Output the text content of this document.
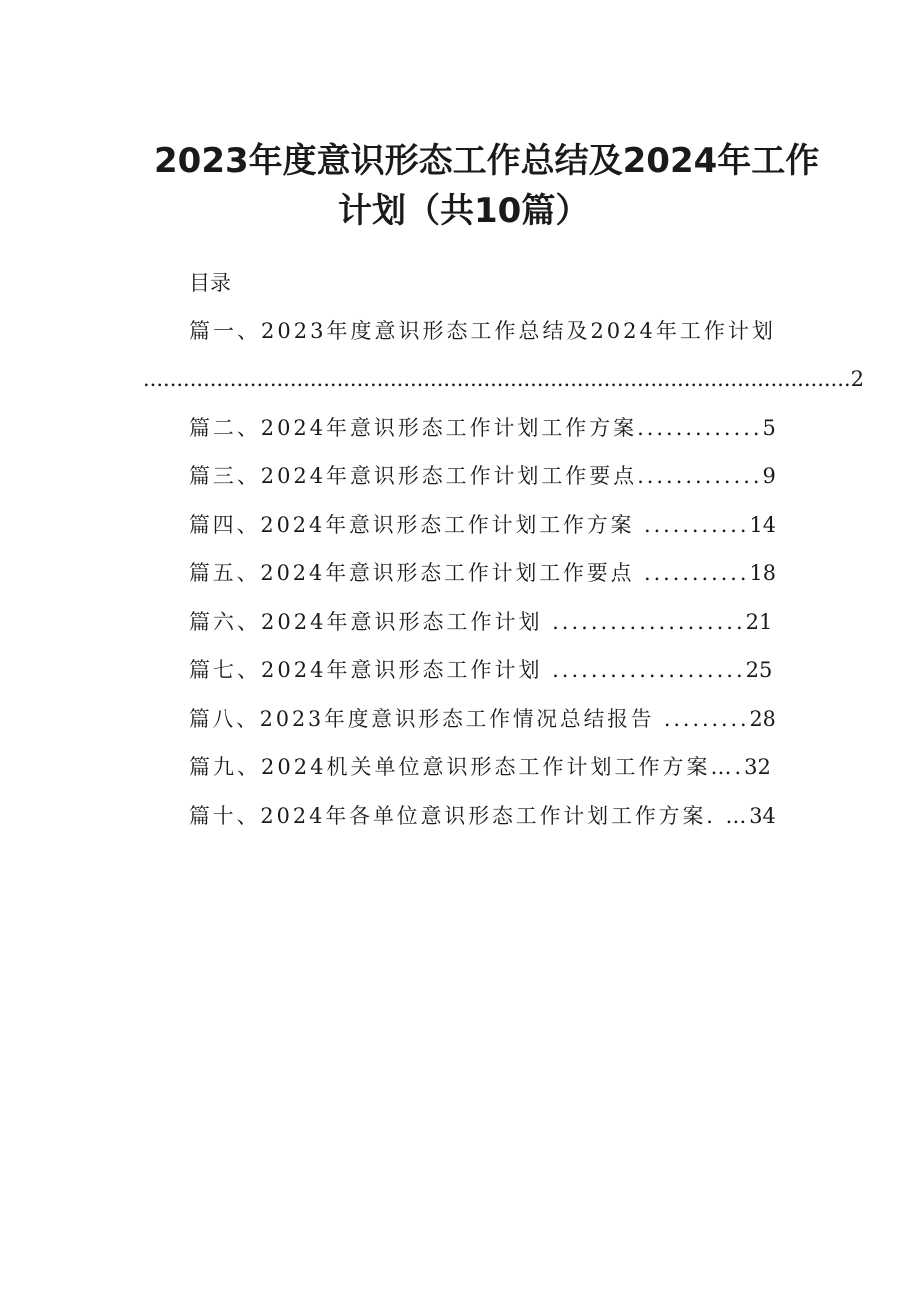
2023年度意识形态工作总结及2024年工作
计划（共10篇）
目录
篇一、2023年度意识形态工作总结及2024年工作计划
.......................................................................................................... 2
篇二、2024年意识形态工作计划工作方案.............5
篇三、2024年意识形态工作计划工作要点.............9
篇四、2024年意识形态工作计划工作方案 ...........14
篇五、2024年意识形态工作计划工作要点 ...........18
篇六、2024年意识形态工作计划 ....................21
篇七、2024年意识形态工作计划 ....................25
篇八、2023年度意识形态工作情况总结报告 .........28
篇九、2024机关单位意识形态工作计划工作方案….32
篇十、2024年各单位意识形态工作计划工作方案. …34
